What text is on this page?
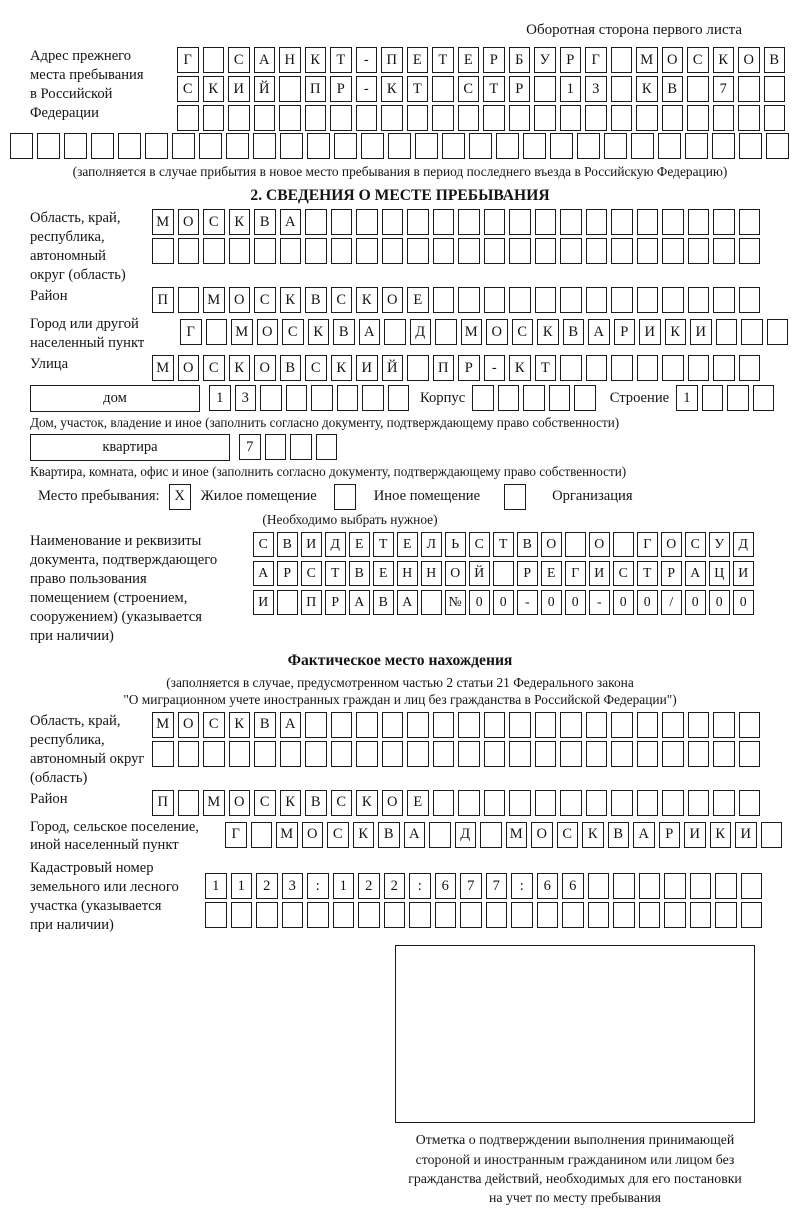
Оборотная сторона первого листа
Адрес прежнего
места пребывания
в Российской
Федерации
Г	С	А	Н	К	Т	-	П	Е	Т	Е	Р	Б	У	Р	Г	М О	С	К	О	В
С	К	И	Й	П	Р	-	К	Т	С	Т	Р	1	3	К	В	7
(заполняется в случае прибытия в новое место пребывания в период последнего въезда в Российскую Федерацию)
2. СВЕДЕНИЯ О МЕСТЕ ПРЕБЫВАНИЯ
Область, край,
республика,
автономный
округ (область)
М О	С	К	В	А
Район	П	М О	С	К	В	С	К	О	Е
Город или другой
населенный пункт
Г	М О	С	К	В	А	Д	М О	С	К	В	А	Р	И	К	И
Улица	М О	С	К	О	В	С	К	И	Й	П	Р	-	К	Т
дом	1	3	Корпус	Строение 1
Дом, участок, владение и иное (заполнить согласно документу, подтверждающему право собственности)
квартира	7
Квартира, комната, офис и иное (заполнить согласно документу, подтверждающему право собственности)
Место пребывания:	X	Жилое помещение	Иное помещение	Организация
(Необходимо выбрать нужное)
Наименование и реквизиты
документа, подтверждающего
право пользования
помещением (строением,
сооружением) (указывается
при наличии)
С	В	И	Д	Е	Т	Е	Л	Ь	С	Т	В	О	О	Г	О	С	У	Д
А	Р	С	Т	В	Е	Н	Н	О	Й	Р	Е	Г	И	С	Т	Р	А	Ц	И
И	П	Р	А	В	А	№	0	0	-	0	0	-	0	0	/	0	0	0
Фактическое место нахождения
(заполняется в случае, предусмотренном частью 2 статьи 21 Федерального закона
"О миграционном учете иностранных граждан и лиц без гражданства в Российской Федерации")
Область, край,
республика,
автономный округ
(область)
М О	С	К	В	А
Район	П	М О	С	К	В	С	К	О	Е
Город, сельское поселение,
иной населенный пункт
Г	М О	С	К	В	А	Д	М О	С	К	В	А	Р	И	К	И
Кадастровый номер
земельного или лесного
участка (указывается
при наличии)
1	1	2	3	:	1	2	2	:	6	7	7	:	6	6
Отметка о подтверждении выполнения принимающей
стороной и иностранным гражданином или лицом без
гражданства действий, необходимых для его постановки
на учет по месту пребывания
